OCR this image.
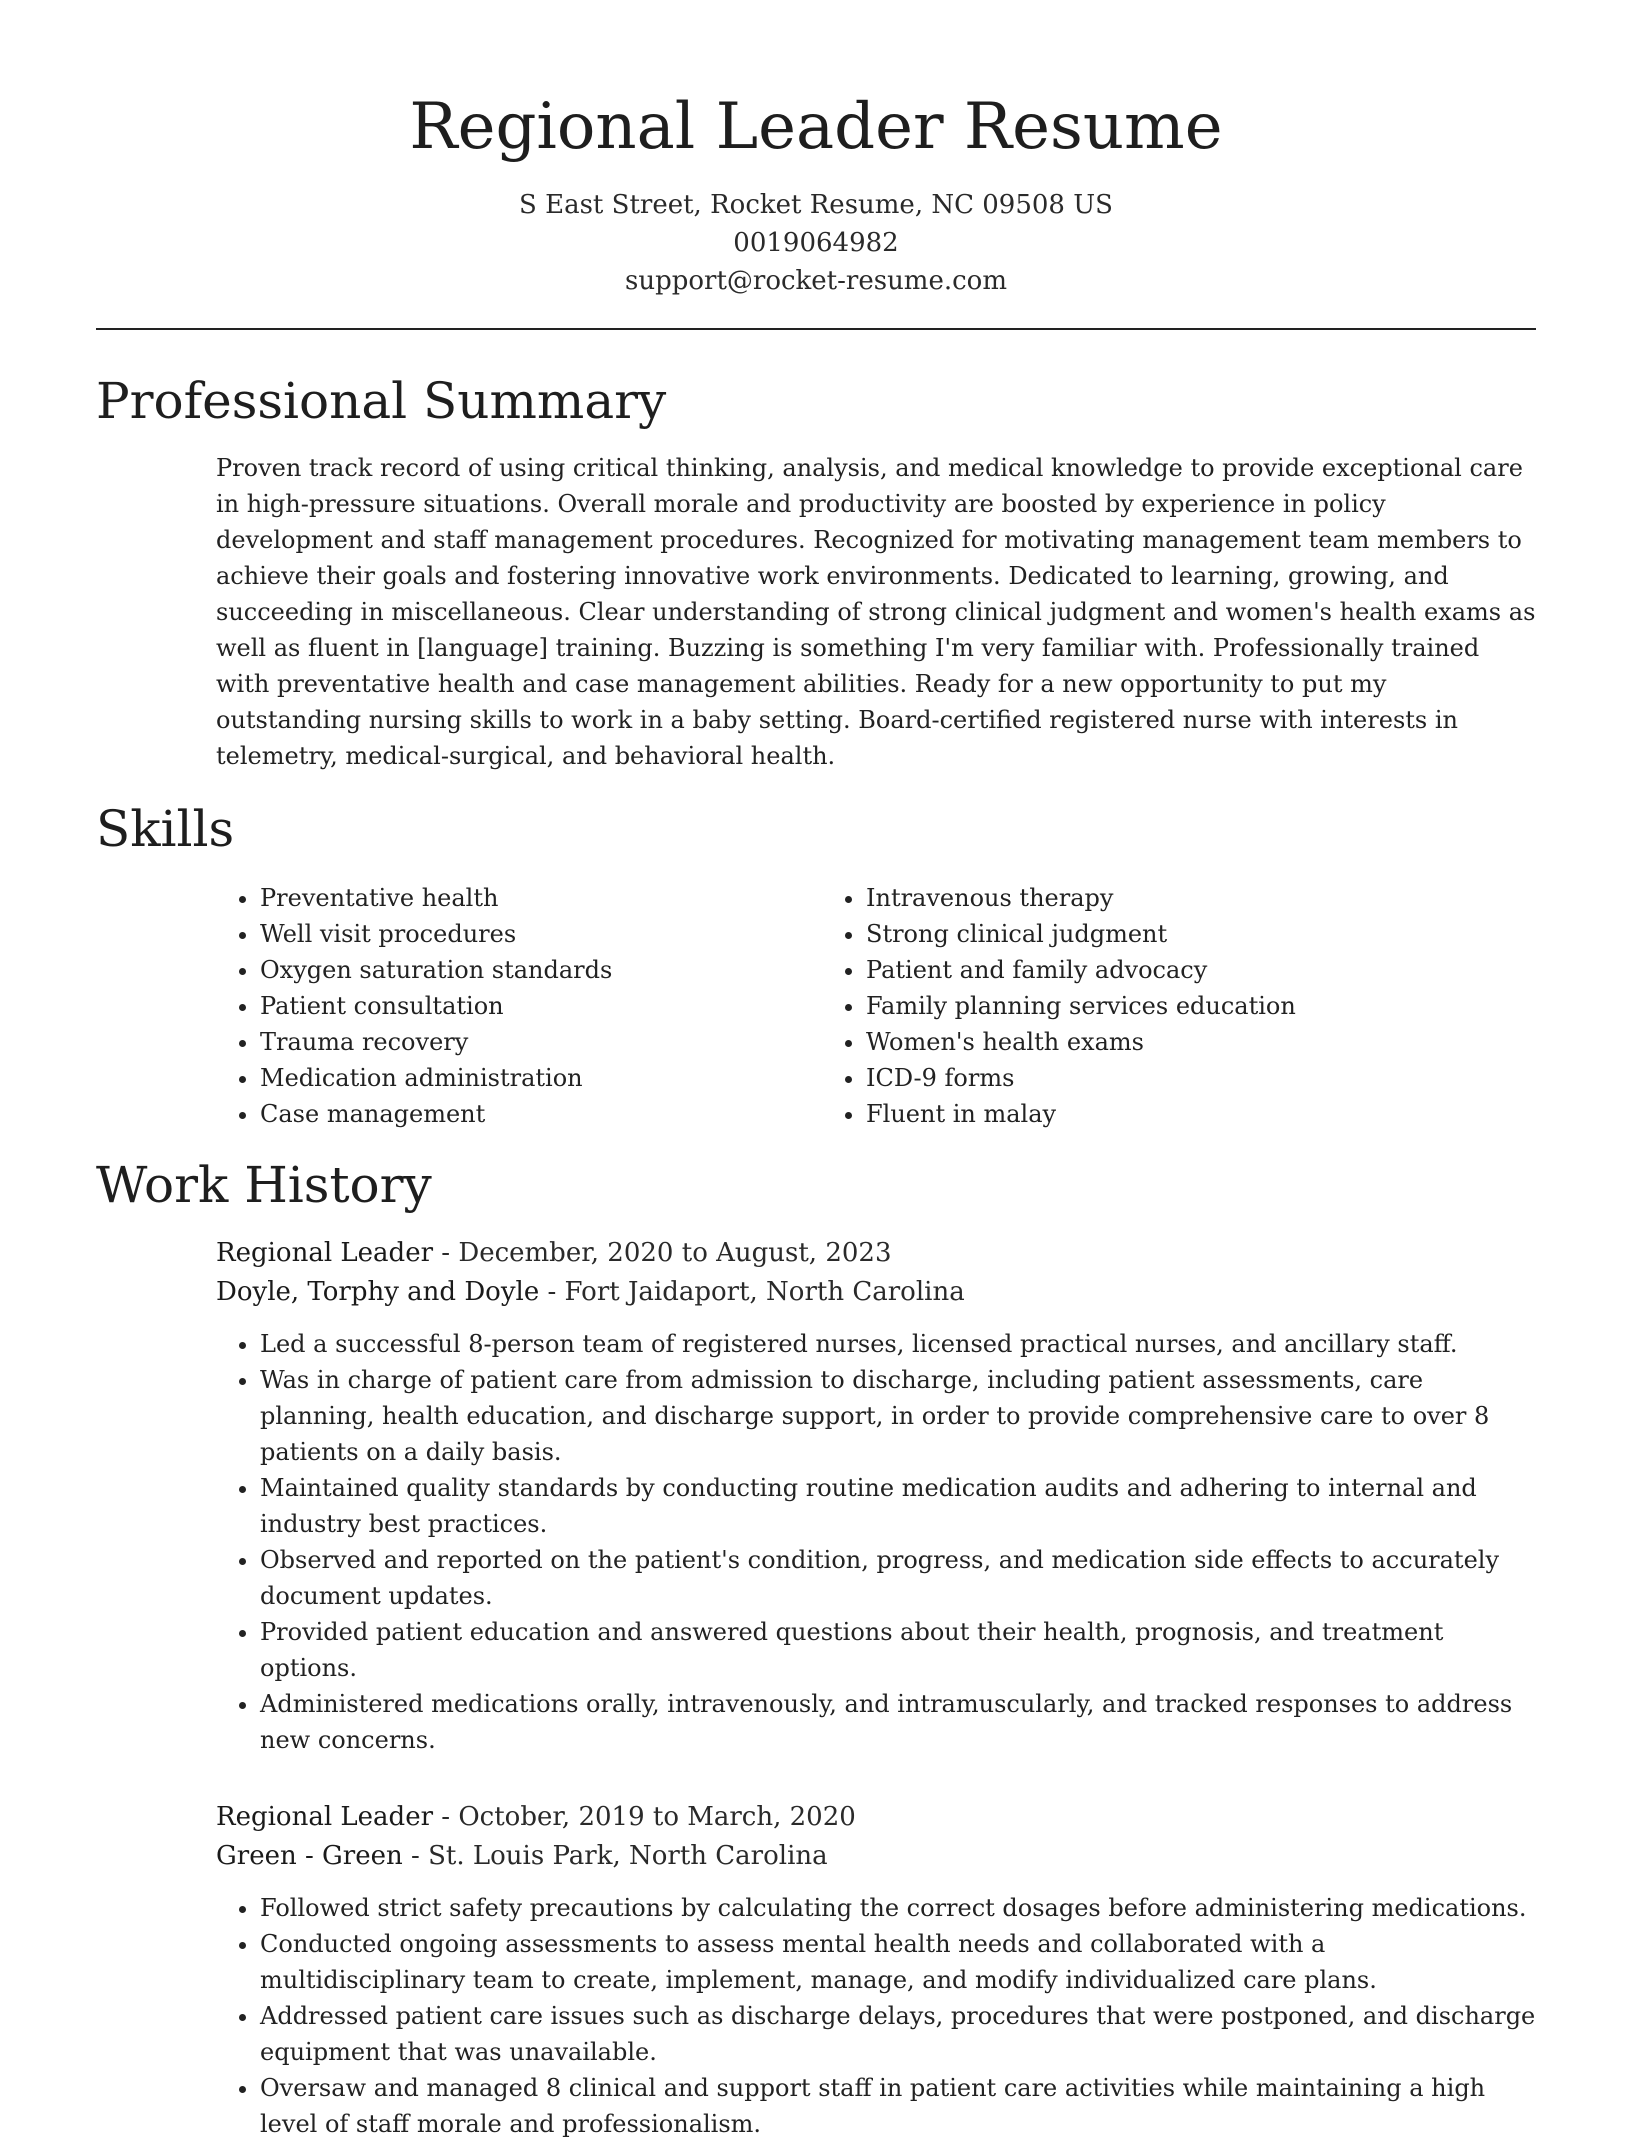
Regional Leader Resume
S East Street, Rocket Resume, NC 09508 US
0019064982
support@rocket-resume.com
Professional Summary

Proven track record of using critical thinking, analysis, and medical knowledge to provide exceptional care in high-pressure situations. Overall morale and productivity are boosted by experience in policy development and staff management procedures. Recognized for motivating management team members to achieve their goals and fostering innovative work environments. Dedicated to learning, growing, and succeeding in miscellaneous. Clear understanding of strong clinical judgment and women's health exams as well as fluent in [language] training. Buzzing is something I'm very familiar with. Professionally trained with preventative health and case management abilities. Ready for a new opportunity to put my outstanding nursing skills to work in a baby setting. Board-certified registered nurse with interests in telemetry, medical-surgical, and behavioral health.

Skills
• Preventative health
• Well visit procedures
• Oxygen saturation standards
• Patient consultation
• Trauma recovery
• Medication administration
• Case management
• Intravenous therapy
• Strong clinical judgment
• Patient and family advocacy
• Family planning services education
• Women's health exams
• ICD-9 forms
• Fluent in malay
Work History
Regional Leader - December, 2020 to August, 2023
Doyle, Torphy and Doyle - Fort Jaidaport, North Carolina
• Led a successful 8-person team of registered nurses, licensed practical nurses, and ancillary staff.
• Was in charge of patient care from admission to discharge, including patient assessments, care planning, health education, and discharge support, in order to provide comprehensive care to over 8 patients on a daily basis.
• Maintained quality standards by conducting routine medication audits and adhering to internal and industry best practices.
• Observed and reported on the patient's condition, progress, and medication side effects to accurately document updates.
• Provided patient education and answered questions about their health, prognosis, and treatment options.
• Administered medications orally, intravenously, and intramuscularly, and tracked responses to address new concerns.
Regional Leader - October, 2019 to March, 2020
Green - Green - St. Louis Park, North Carolina
• Followed strict safety precautions by calculating the correct dosages before administering medications.
• Conducted ongoing assessments to assess mental health needs and collaborated with a multidisciplinary team to create, implement, manage, and modify individualized care plans.
• Addressed patient care issues such as discharge delays, procedures that were postponed, and discharge equipment that was unavailable.
• Oversaw and managed 8 clinical and support staff in patient care activities while maintaining a high level of staff morale and professionalism.
